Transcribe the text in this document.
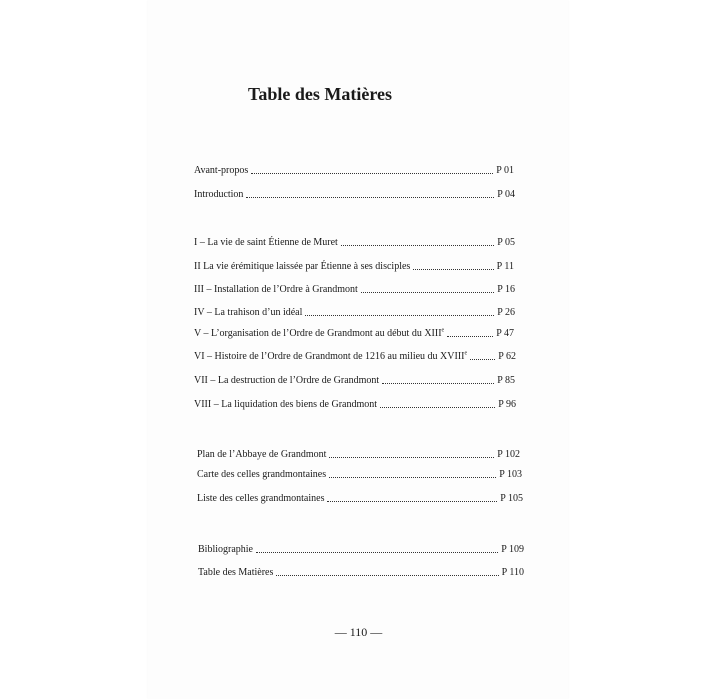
Table des Matières
Avant-propos	P 01
Introduction	P 04
I – La vie de saint Étienne de Muret	P 05
II La vie érémitique laissée par Étienne à ses disciples	P 11
III – Installation de l’Ordre à Grandmont	P 16
IV – La trahison d’un idéal	P 26
V – L’organisation de l’Ordre de Grandmont au début du XIIIe	P 47
VI – Histoire de l’Ordre de Grandmont de 1216 au milieu du XVIIIe	P 62
VII – La destruction de l’Ordre de Grandmont	P 85
VIII – La liquidation des biens de Grandmont	P 96
Plan de l’Abbaye de Grandmont	P 102
Carte des celles grandmontaines	P 103
Liste des celles grandmontaines	P 105
Bibliographie	P 109
Table des Matières	P 110
— 110 —
